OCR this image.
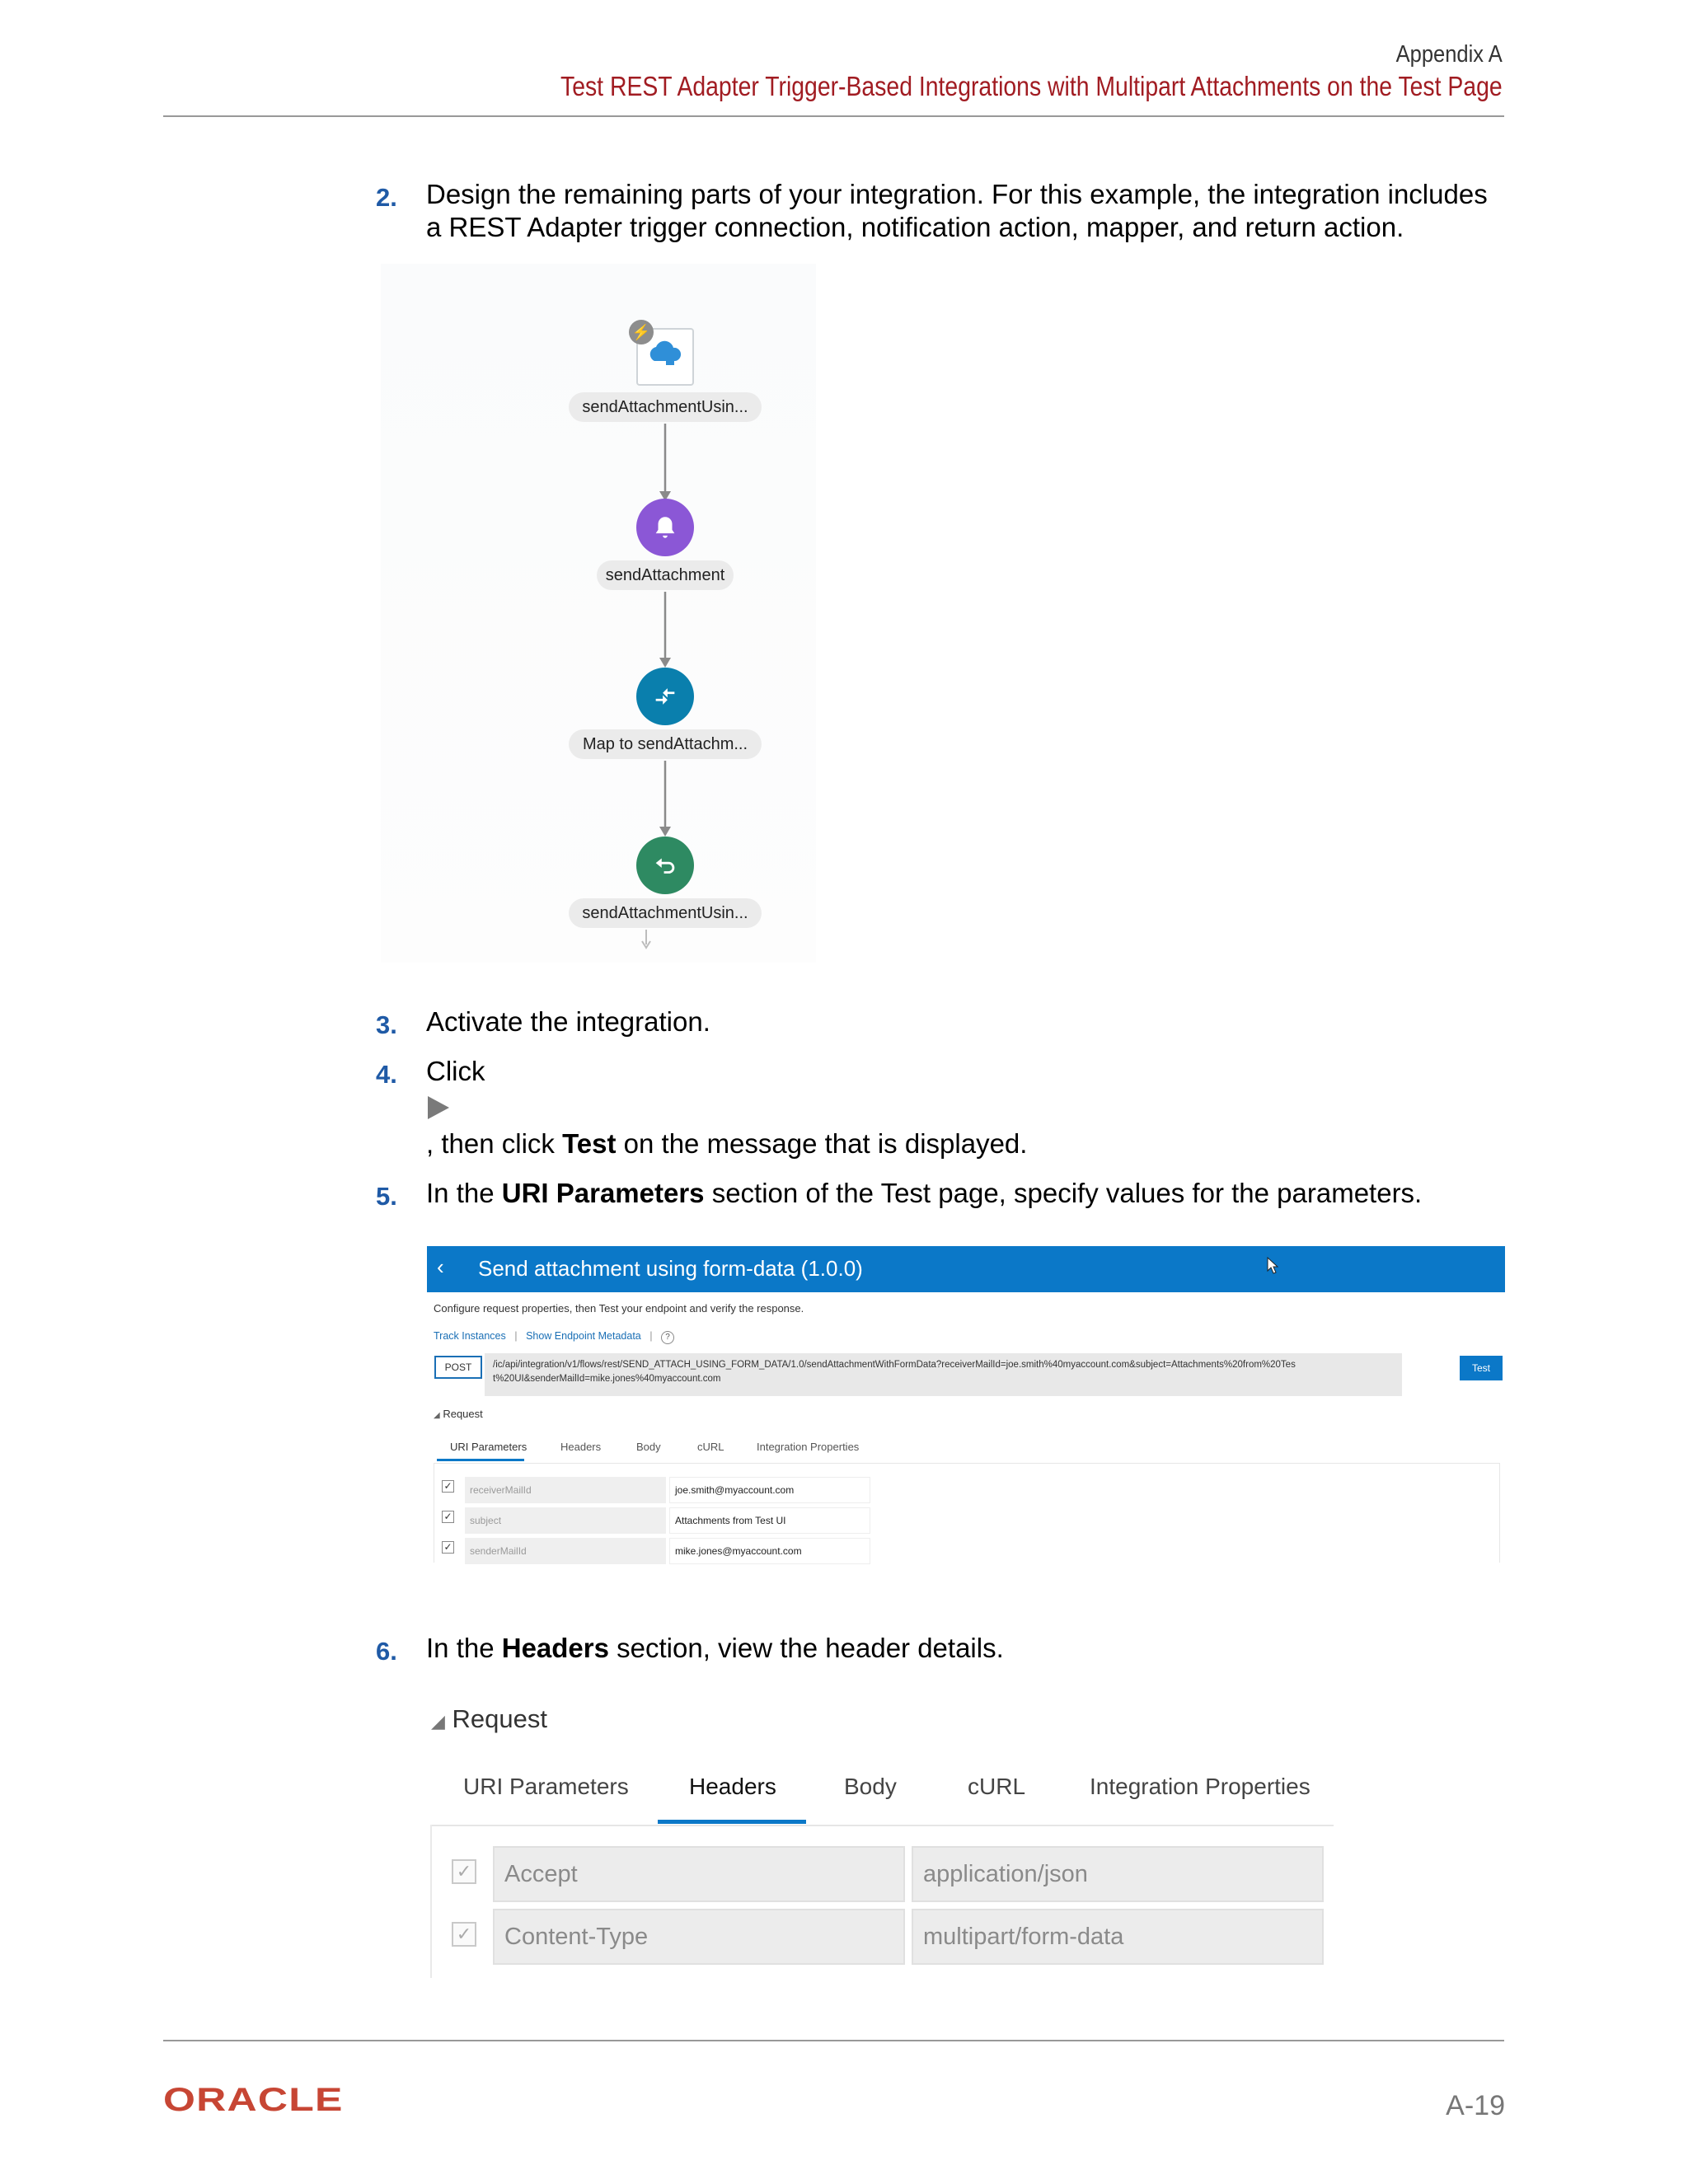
Appendix A
Test REST Adapter Trigger-Based Integrations with Multipart Attachments on the Test Page
2. Design the remaining parts of your integration. For this example, the integration includes a REST Adapter trigger connection, notification action, mapper, and return action.
⚡
sendAttachmentUsin...
sendAttachment
Map to sendAttachm...
sendAttachmentUsin...
3. Activate the integration.
4. Click
, then click Test on the message that is displayed.
5. In the URI Parameters section of the Test page, specify values for the parameters.
‹ Send attachment using form-data (1.0.0)
Configure request properties, then Test your endpoint and verify the response.
Track Instances | Show Endpoint Metadata | ?
POST	/ic/api/integration/v1/flows/rest/SEND_ATTACH_USING_FORM_DATA/1.0/sendAttachmentWithFormData?receiverMailId=joe.smith%40myaccount.com&subject=Attachments%20from%20Tes
t%20UI&senderMailId=mike.jones%40myaccount.com
Test
◢ Request
URI Parameters	Headers	Body	cURL	Integration Properties
✓	receiverMailId	joe.smith@myaccount.com
✓	subject	Attachments from Test UI
✓	senderMailId	mike.jones@myaccount.com
6. In the Headers section, view the header details.
◢ Request
URI Parameters	Headers	Body	cURL	Integration Properties
✓	Accept	application/json
✓	Content-Type	multipart/form-data
ORACLE	A-19
